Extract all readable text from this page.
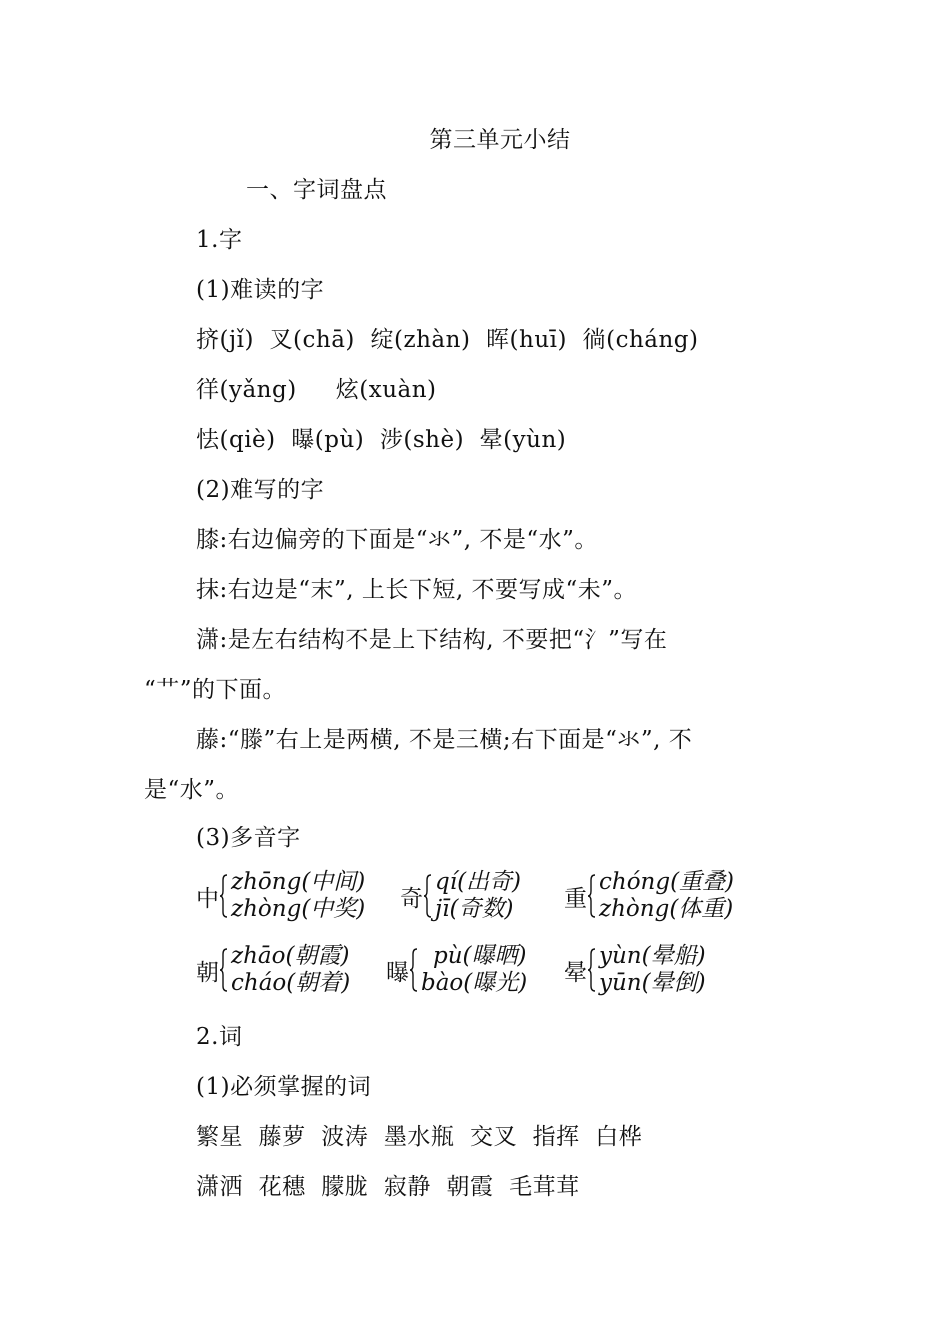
第三单元小结
一、字词盘点
1.字
(1)难读的字
挤(jǐ)  叉(chā)  绽(zhàn)  晖(huī)  徜(cháng)
徉(yǎng)     炫(xuàn)
怯(qiè)  曝(pù)  涉(shè)  晕(yùn)
(2)难写的字
膝:右边偏旁的下面是“氺”, 不是“水”。
抹:右边是“末”, 上长下短, 不要写成“未”。
潇:是左右结构不是上下结构, 不要把“氵”写在
“艹”的下面。
藤:“滕”右上是两横, 不是三横;右下面是“氺”, 不
是“水”。
(3)多音字
中
zhōng(中间)
zhòng(中奖) 奇
qí(出奇)
jī(奇数)	重
chóng(重叠)
zhòng(体重)
朝
zhāo(朝霞)
cháo(朝着) 曝
pù(曝晒)
bào(曝光) 晕
yùn(晕船)
yūn(晕倒)
2.词
(1)必须掌握的词
繁星  藤萝  波涛  墨水瓶  交叉  指挥  白桦
潇洒  花穗  朦胧  寂静  朝霞  毛茸茸
